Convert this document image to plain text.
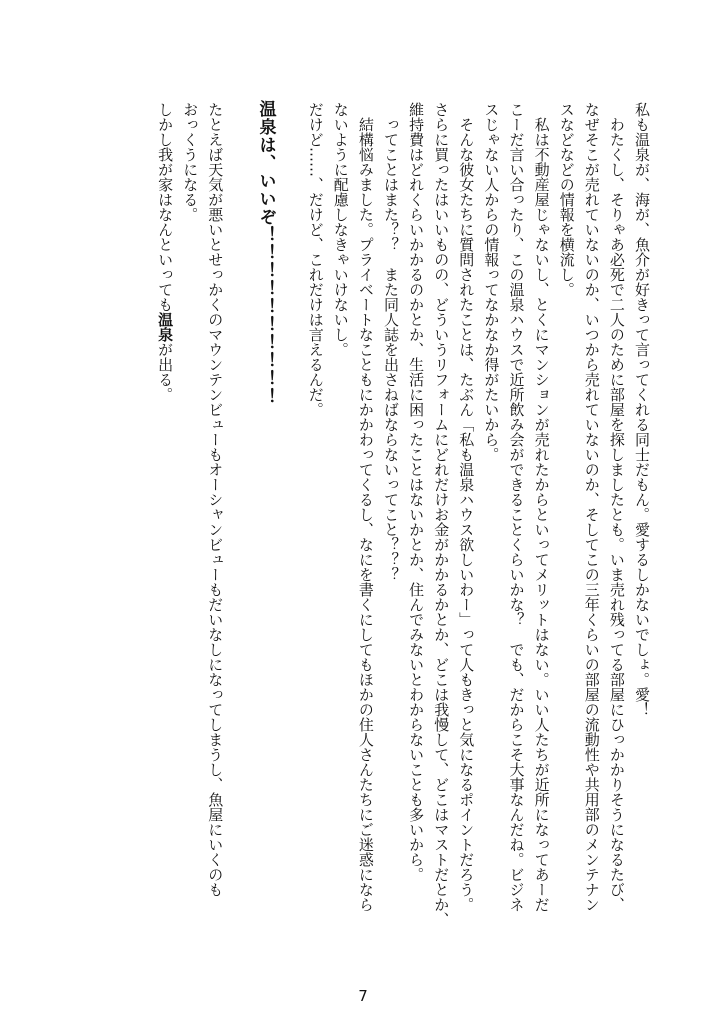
私も温泉が、海が、魚介が好きって言ってくれる同士だもん。愛するしかないでしょ。愛！
　わたくし、そりゃあ必死で二人のために部屋を探しましたとも。いま売れ残ってる部屋にひっかかりそうになるたび、
なぜそこが売れていないのか、いつから売れていないのか、そしてこの三年くらいの部屋の流動性や共用部のメンテナン
スなどなどの情報を横流し。
　私は不動産屋じゃないし、とくにマンションが売れたからといってメリットはない。いい人たちが近所になってあーだ
こーだ言い合ったり、この温泉ハウスで近所飲み会ができることくらいかな？　でも、だからこそ大事なんだね。ビジネ
スじゃない人からの情報ってなかなか得がたいから。
　そんな彼女たちに質問されたことは、たぶん「私も温泉ハウス欲しいわー」って人もきっと気になるポイントだろう。
さらに買ったはいいものの、どういうリフォームにどれだけお金がかかるかとか、どこは我慢して、どこはマストだとか、
維持費はどれくらいかかるのかとか、生活に困ったことはないかとか、住んでみないとわからないことも多いから。
　ってことはまた？？　また同人誌を出さねばならないってこと？？？
　結構悩みました。プライベートなこともにかかわってくるし、なにを書くにしてもほかの住人さんたちにご迷惑になら
ないように配慮しなきゃいけないし。
だけど……、だけど、これだけは言えるんだ。
温泉は、いいぞ！！！！！！！！！！
たとえば天気が悪いとせっかくのマウンテンビューもオーシャンビューもだいなしになってしまうし、魚屋にいくのも
おっくうになる。
しかし我が家はなんといっても温泉が出る。
7
